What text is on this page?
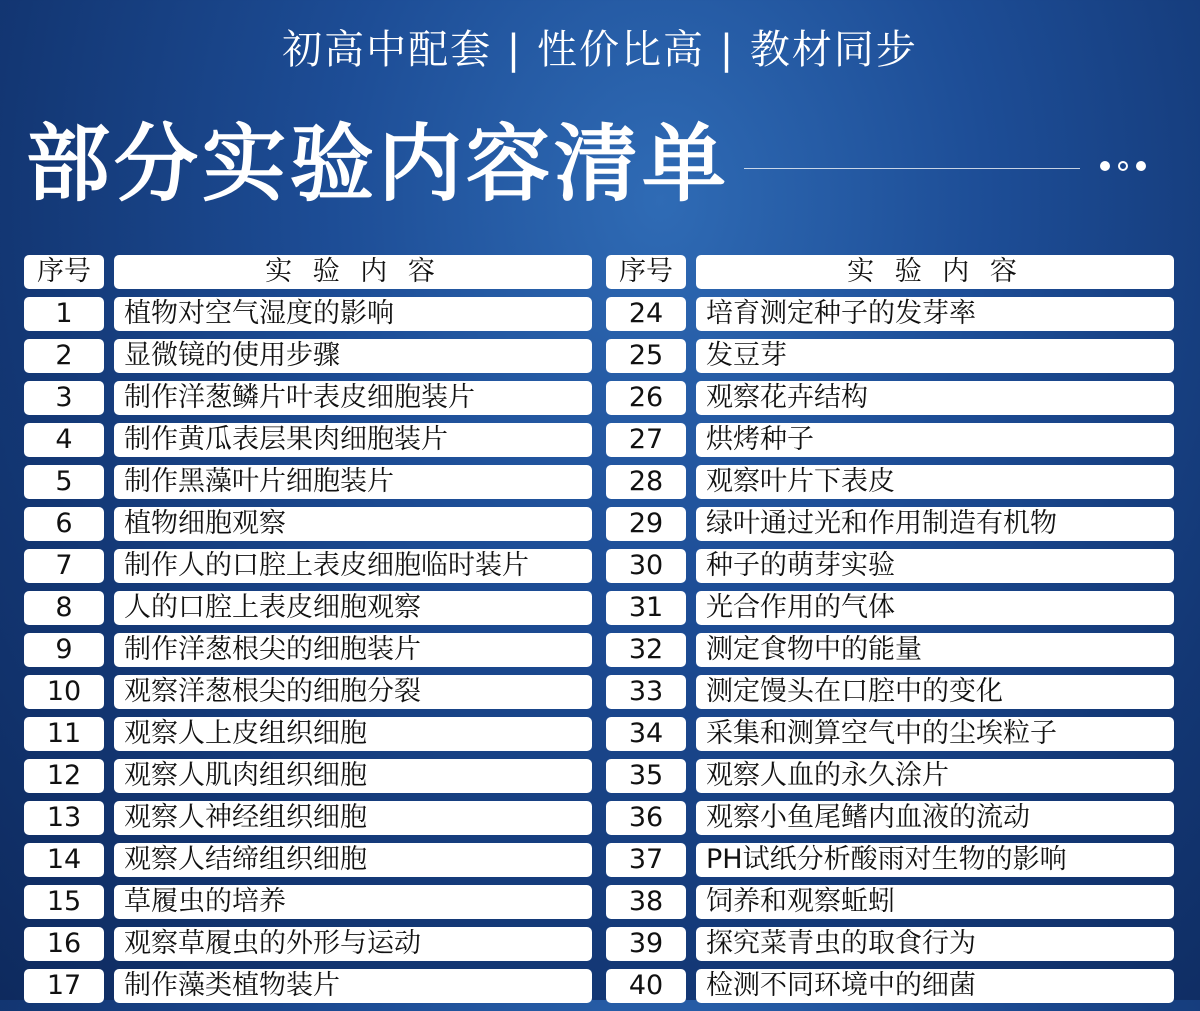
初高中配套 | 性价比高 | 教材同步
部分实验内容清单
序号	实 验 内 容
1	植物对空气湿度的影响
2	显微镜的使用步骤
3	制作洋葱鳞片叶表皮细胞装片
4	制作黄瓜表层果肉细胞装片
5	制作黑藻叶片细胞装片
6	植物细胞观察
7	制作人的口腔上表皮细胞临时装片
8	人的口腔上表皮细胞观察
9	制作洋葱根尖的细胞装片
10	观察洋葱根尖的细胞分裂
11	观察人上皮组织细胞
12	观察人肌肉组织细胞
13	观察人神经组织细胞
14	观察人结缔组织细胞
15	草履虫的培养
16	观察草履虫的外形与运动
17	制作藻类植物装片
序号	实 验 内 容
24	培育测定种子的发芽率
25	发豆芽
26	观察花卉结构
27	烘烤种子
28	观察叶片下表皮
29	绿叶通过光和作用制造有机物
30	种子的萌芽实验
31	光合作用的气体
32	测定食物中的能量
33	测定馒头在口腔中的变化
34	采集和测算空气中的尘埃粒子
35	观察人血的永久涂片
36	观察小鱼尾鳍内血液的流动
37	PH试纸分析酸雨对生物的影响
38	饲养和观察蚯蚓
39	探究菜青虫的取食行为
40	检测不同环境中的细菌
